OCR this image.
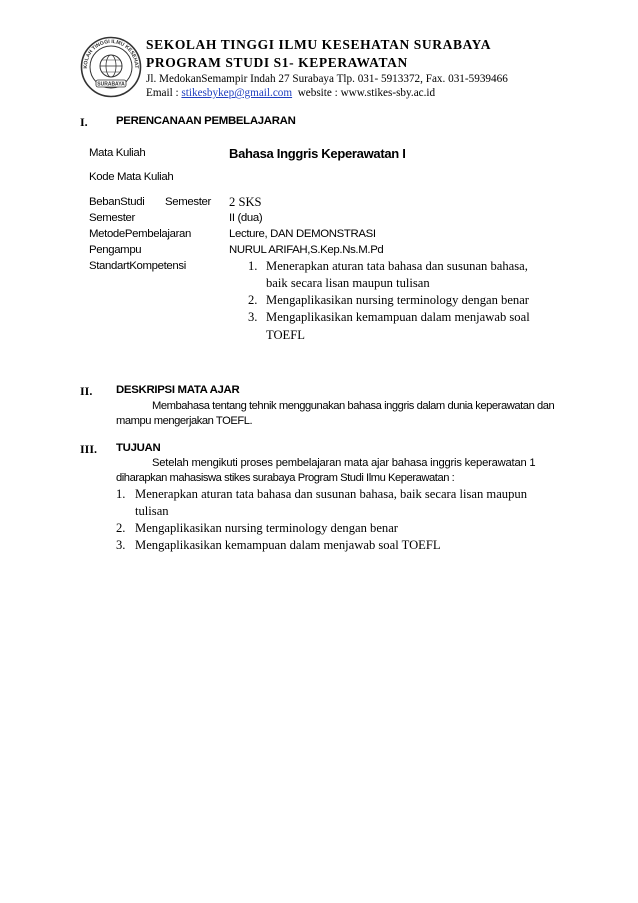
KOLAH TINGGI ILMU KESEHAT
SURABAYA
SEKOLAH TINGGI ILMU KESEHATAN SURABAYA
PROGRAM STUDI S1- KEPERAWATAN
Jl. MedokanSemampir Indah 27 Surabaya Tlp. 031- 5913372, Fax. 031-5939466
Email : stikesbykep@gmail.com website : www.stikes-sby.ac.id
I. PERENCANAAN PEMBELAJARAN
Mata Kuliah	Bahasa Inggris Keperawatan I
Kode Mata Kuliah
BebanStudi Semester 2 SKS
Semester	II (dua)
MetodePembelajaran	Lecture, DAN DEMONSTRASI
Pengampu	NURUL ARIFAH,S.Kep.Ns.M.Pd
StandartKompetensi	1. Menerapkan aturan tata bahasa dan susunan bahasa,
baik secara lisan maupun tulisan
2. Mengaplikasikan nursing terminology dengan benar
3. Mengaplikasikan kemampuan dalam menjawab soal
TOEFL
II. DESKRIPSI MATA AJAR
Membahasa tentang tehnik menggunakan bahasa inggris dalam dunia keperawatan dan
mampu mengerjakan TOEFL.
III. TUJUAN
Setelah mengikuti proses pembelajaran mata ajar bahasa inggris keperawatan 1
diharapkan mahasiswa stikes surabaya Program Studi Ilmu Keperawatan :
1. Menerapkan aturan tata bahasa dan susunan bahasa, baik secara lisan maupun
tulisan
2. Mengaplikasikan nursing terminology dengan benar
3. Mengaplikasikan kemampuan dalam menjawab soal TOEFL
